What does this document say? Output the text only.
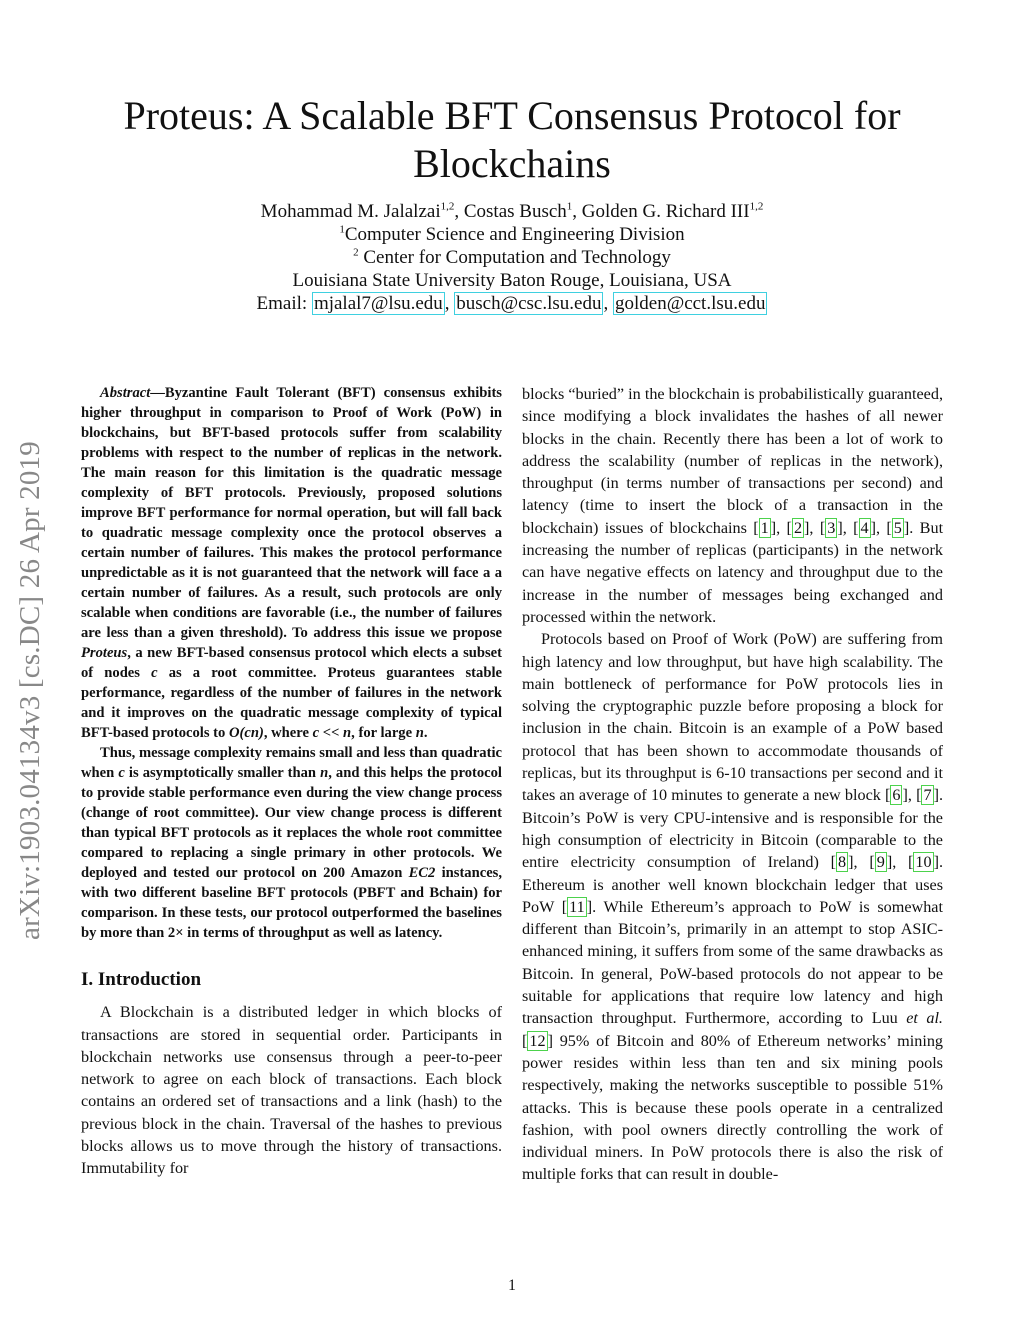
Proteus: A Scalable BFT Consensus Protocol for
Blockchains
Mohammad M. Jalalzai$^{1,2}$, Costas Busch$^1$, Golden G. Richard III$^{1,2}$
$^1$Computer Science and Engineering Division
$^2$ Center for Computation and Technology
Louisiana State University Baton Rouge, Louisiana, USA
Email: mjalal7@lsu.edu , busch@csc.lsu.edu , golden@cct.lsu.edu
arXiv:1903.04134v3 [cs.DC] 26 Apr 2019

Abstract—Byzantine Fault Tolerant (BFT) consensus exhibits higher throughput in comparison to Proof of Work (PoW) in blockchains, but BFT-based protocols suffer from scalability problems with respect to the number of replicas in the network. The main reason for this limitation is the quadratic message complexity of BFT protocols. Previously, proposed solutions improve BFT performance for normal operation, but will fall back to quadratic message complexity once the protocol observes a certain number of failures. This makes the protocol performance unpredictable as it is not guaranteed that the network will face a a certain number of failures. As a result, such protocols are only scalable when conditions are favorable (i.e., the number of failures are less than a given threshold). To address this issue we propose Proteus, a new BFT-based consensus protocol which elects a subset of nodes c as a root committee. Proteus guarantees stable performance, regardless of the number of failures in the network and it improves on the quadratic message complexity of typical BFT-based protocols to O(cn), where c << n, for large n.

Thus, message complexity remains small and less than quadratic when c is asymptotically smaller than n, and this helps the protocol to provide stable performance even during the view change process (change of root committee). Our view change process is different than typical BFT protocols as it replaces the whole root committee compared to replacing a single primary in other protocols. We deployed and tested our protocol on 200 Amazon EC2 instances, with two different baseline BFT protocols (PBFT and Bchain) for comparison. In these tests, our protocol outperformed the baselines by more than 2× in terms of throughput as well as latency.

I. Introduction

A Blockchain is a distributed ledger in which blocks of transactions are stored in sequential order. Participants in blockchain networks use consensus through a peer-to-peer network to agree on each block of transactions. Each block contains an ordered set of transactions and a link (hash) to the previous block in the chain. Traversal of the hashes to previous blocks allows us to move through the history of transactions. Immutability for

blocks “buried” in the blockchain is probabilistically guaranteed, since modifying a block invalidates the hashes of all newer blocks in the chain. Recently there has been a lot of work to address the scalability (number of replicas in the network), throughput (in terms number of transactions per second) and latency (time to insert the block of a transaction in the blockchain) issues of blockchains [ 1 ], [ 2 ], [ 3 ], [ 4 ], [ 5 ]. But increasing the number of replicas (participants) in the network can have negative effects on latency and throughput due to the increase in the number of messages being exchanged and processed within the network.

Protocols based on Proof of Work (PoW) are suffering from high latency and low throughput, but have high scalability. The main bottleneck of performance for PoW protocols lies in solving the cryptographic puzzle before proposing a block for inclusion in the chain. Bitcoin is an example of a PoW based protocol that has been shown to accommodate thousands of replicas, but its throughput is 6-10 transactions per second and it takes an average of 10 minutes to generate a new block [ 6 ], [ 7 ]. Bitcoin’s PoW is very CPU-intensive and is responsible for the high consumption of electricity in Bitcoin (comparable to the entire electricity consumption of Ireland) [ 8 ], [ 9 ], [ 10 ]. Ethereum is another well known blockchain ledger that uses PoW [ 11 ]. While Ethereum’s approach to PoW is somewhat different than Bitcoin’s, primarily in an attempt to stop ASIC-enhanced mining, it suffers from some of the same drawbacks as Bitcoin. In general, PoW-based protocols do not appear to be suitable for applications that require low latency and high transaction throughput. Furthermore, according to Luu et al. [ 12 ] 95% of Bitcoin and 80% of Ethereum networks’ mining power resides within less than ten and six mining pools respectively, making the networks susceptible to possible 51% attacks. This is because these pools operate in a centralized fashion, with pool owners directly controlling the work of individual miners. In PoW protocols there is also the risk of multiple forks that can result in double-

1
